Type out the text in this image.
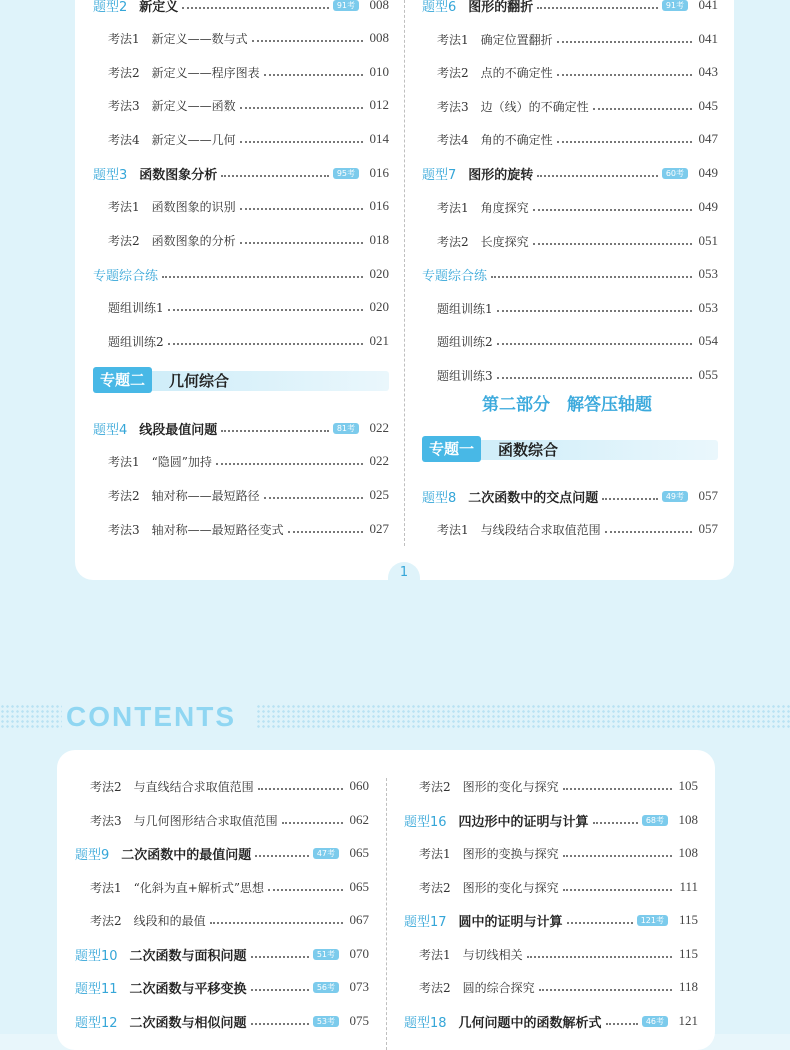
题型2 新定义	91考	008
考法1 新定义——数与式	008
考法2 新定义——程序图表	010
考法3 新定义——函数	012
考法4 新定义——几何	014
题型3 函数图象分析	95考	016
考法1 函数图象的识别	016
考法2 函数图象的分析	018
专题综合练	020
题组训练1	020
题组训练2	021
专题二	几何综合
题型4 线段最值问题	81考	022
考法1 “隐圆”加持	022
考法2 轴对称——最短路径	025
考法3 轴对称——最短路径变式	027
题型6 图形的翻折	91考	041
考法1 确定位置翻折	041
考法2 点的不确定性	043
考法3 边（线）的不确定性	045
考法4 角的不确定性	047
题型7 图形的旋转	60考	049
考法1 角度探究	049
考法2 长度探究	051
专题综合练	053
题组训练1	053
题组训练2	054
题组训练3	055
第二部分　解答压轴题
专题一	函数综合
题型8 二次函数中的交点问题	49考	057
考法1 与线段结合求取值范围	057
1
CONTENTS
考法2 与直线结合求取值范围	060
考法3 与几何图形结合求取值范围	062
题型9 二次函数中的最值问题	47考	065
考法1 “化斜为直+解析式”思想	065
考法2 线段和的最值	067
题型10 二次函数与面积问题	51考	070
题型11 二次函数与平移变换	56考	073
题型12 二次函数与相似问题	53考	075
考法2 图形的变化与探究	105
题型16 四边形中的证明与计算	68考	108
考法1 图形的变换与探究	108
考法2 图形的变化与探究	111
题型17 圆中的证明与计算	121考	115
考法1 与切线相关	115
考法2 圆的综合探究	118
题型18 几何问题中的函数解析式	46考	121
